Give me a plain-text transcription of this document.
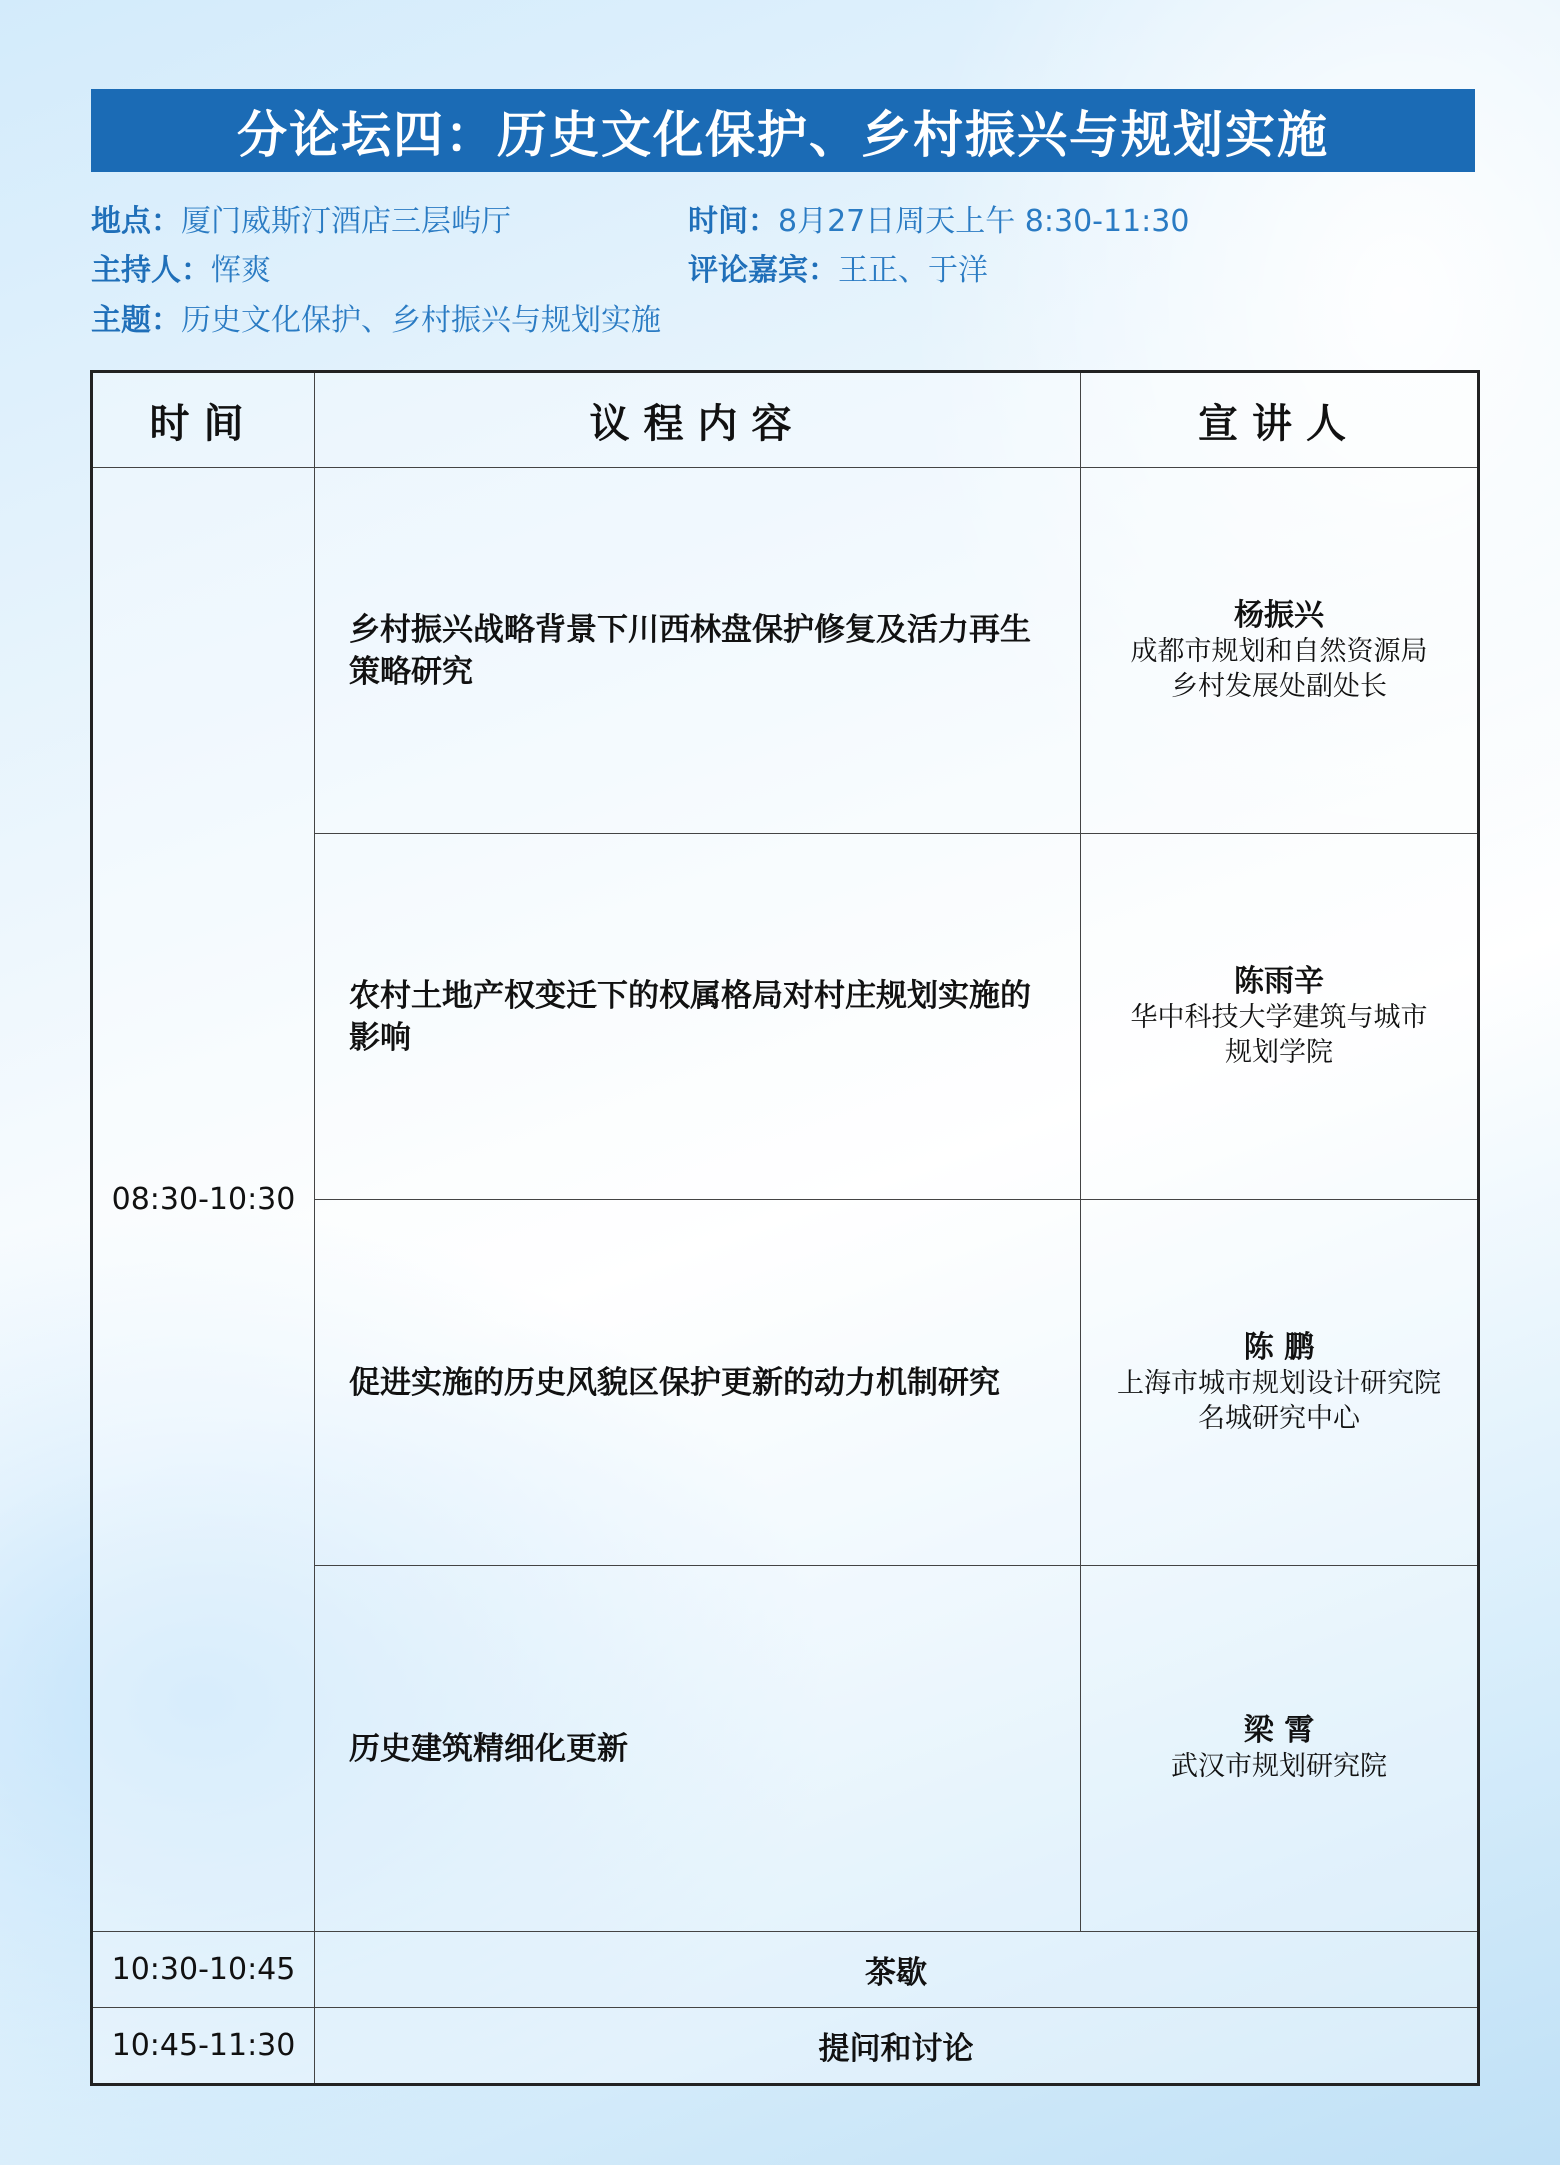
分论坛四：历史文化保护、乡村振兴与规划实施
地点：厦门威斯汀酒店三层屿厅	时间：8月27日周天上午 8:30-11:30
主持人：恽爽	评论嘉宾：王正、于洋
主题：历史文化保护、乡村振兴与规划实施
时间	议程内容	宣讲人
08:30-10:30	乡村振兴战略背景下川西林盘保护修复及活力再生策略研究	杨振兴
成都市规划和自然资源局
乡村发展处副处长

	农村土地产权变迁下的权属格局对村庄规划实施的影响	陈雨辛
华中科技大学建筑与城市
规划学院

	促进实施的历史风貌区保护更新的动力机制研究	陈 鹏
上海市城市规划设计研究院
名城研究中心

	历史建筑精细化更新	梁 霄
武汉市规划研究院

10:30-10:45	茶歇	
10:45-11:30	提问和讨论	
